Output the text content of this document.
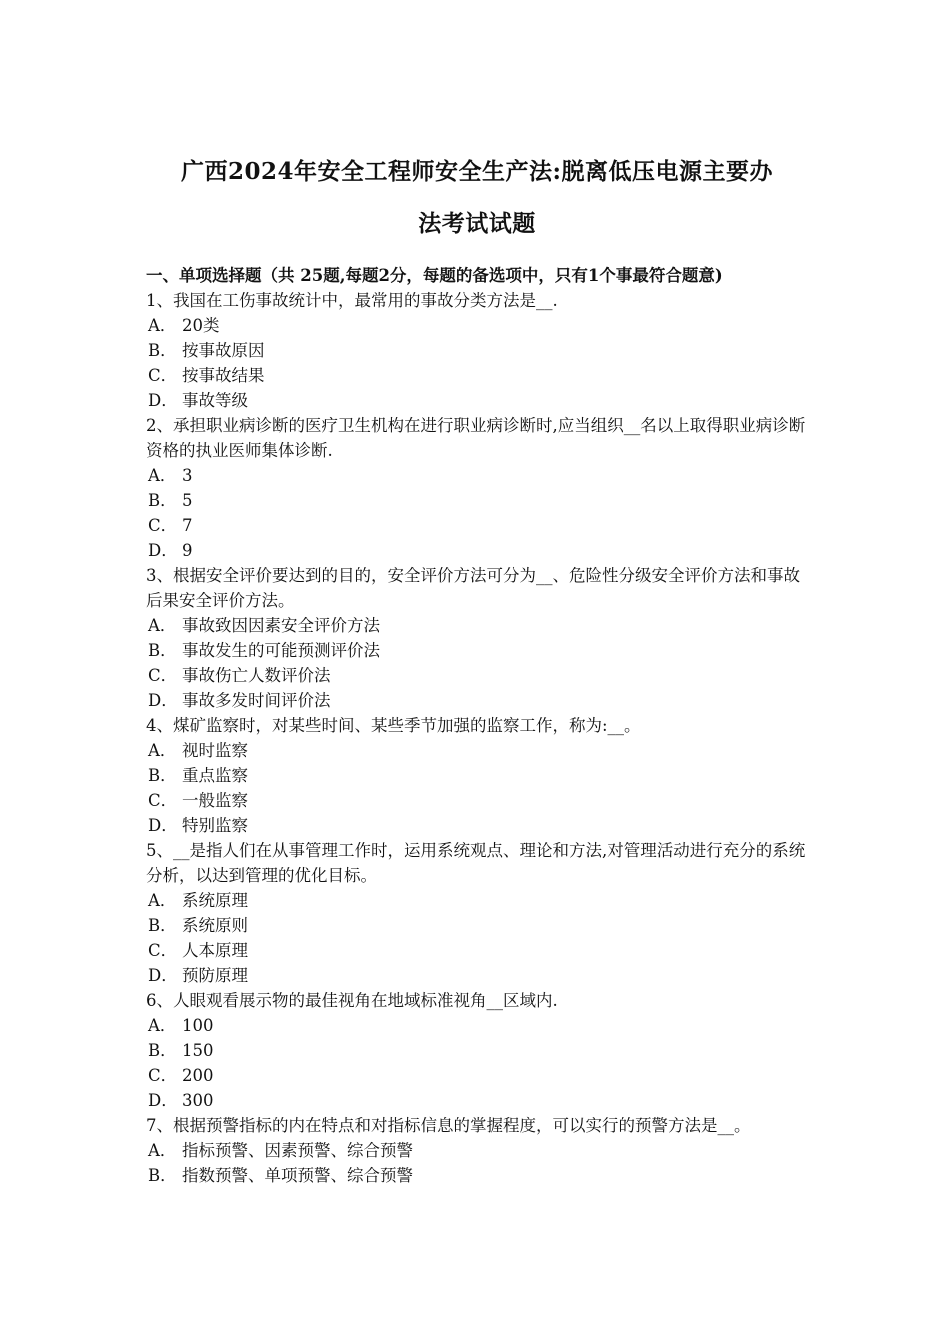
广西2024年安全工程师安全生产法:脱离低压电源主要办
法考试试题

一、单项选择题（共 25题,每题2分，每题的备选项中，只有1个事最符合题意)

1、我国在工伤事故统计中，最常用的事故分类方法是__.

A． 20类
B． 按事故原因
C． 按事故结果
D． 事故等级

2、承担职业病诊断的医疗卫生机构在进行职业病诊断时,应当组织__名以上取得职业病诊断资格的执业医师集体诊断.

A． 3
B． 5
C． 7
D． 9

3、根据安全评价要达到的目的，安全评价方法可分为__、危险性分级安全评价方法和事故后果安全评价方法。

A． 事故致因因素安全评价方法
B． 事故发生的可能预测评价法
C． 事故伤亡人数评价法
D． 事故多发时间评价法

4、煤矿监察时，对某些时间、某些季节加强的监察工作，称为:__。

A． 视时监察
B． 重点监察
C． 一般监察
D． 特别监察

5、__是指人们在从事管理工作时，运用系统观点、理论和方法,对管理活动进行充分的系统分析，以达到管理的优化目标。

A． 系统原理
B． 系统原则
C． 人本原理
D． 预防原理

6、人眼观看展示物的最佳视角在地域标准视角__区域内.

A． 100
B． 150
C． 200
D． 300

7、根据预警指标的内在特点和对指标信息的掌握程度，可以实行的预警方法是__。

A． 指标预警、因素预警、综合预警
B． 指数预警、单项预警、综合预警
